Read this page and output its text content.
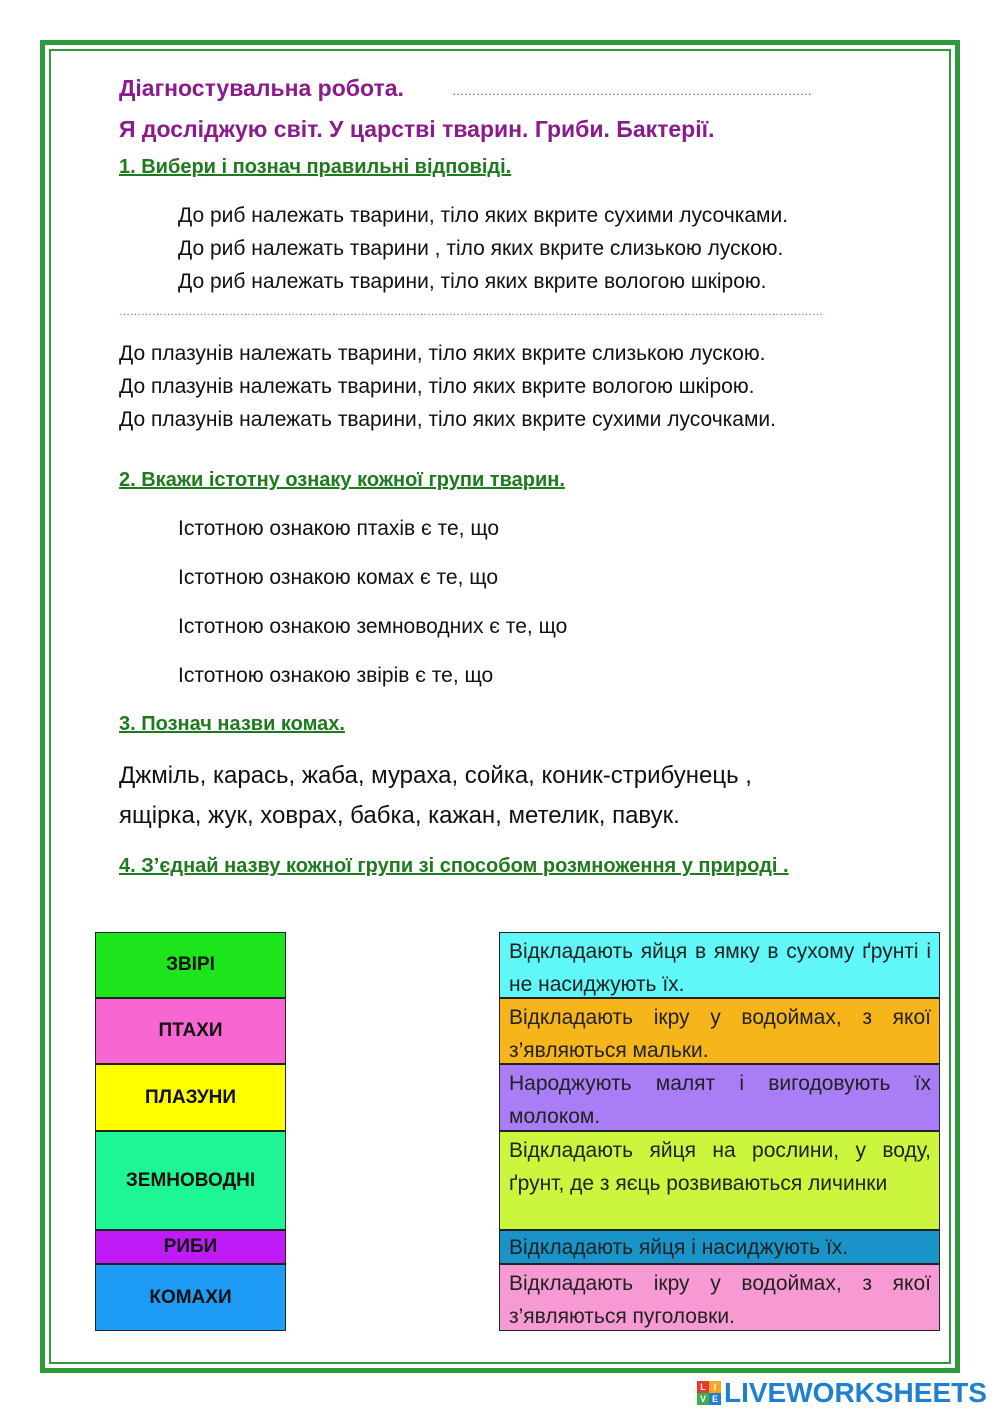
Діагностувальна робота.	………………………………………………………………………………
Я досліджую світ. У царстві тварин. Гриби. Бактерії.
1. Вибери і познач правильні відповіді.
До риб належать тварини, тіло яких вкрите сухими лусочками.
До риб належать тварини , тіло яких вкрите слизькою лускою.
До риб належать тварини, тіло яких вкрите вологою шкірою.
…………………………………………………………………………………………………………………………………………………………………………
До плазунів належать тварини, тіло яких вкрите слизькою лускою.
До плазунів належать тварини, тіло яких вкрите вологою шкірою.
До плазунів належать тварини, тіло яких вкрите сухими лусочками.
2. Вкажи істотну ознаку кожної групи тварин.
Істотною ознакою птахів є те, що
Істотною ознакою комах є те, що
Істотною ознакою земноводних є те, що
Істотною ознакою звірів є те, що
3. Познач назви комах.
Джміль, карась, жаба, мураха, сойка, коник-стрибунець ,
ящірка, жук, ховрах, бабка, кажан, метелик, павук.
4. З’єднай назву кожної групи зі способом розмноження у природі .
ЗВІРІ
ПТАХИ
ПЛАЗУНИ
ЗЕМНОВОДНІ
РИБИ
КОМАХИ
Відкладають яйця в ямку в сухому ґрунті і не насиджують їх.
Відкладають ікру у водоймах, з якої з’являються мальки.
Народжують малят і вигодовують їх молоком.
Відкладають яйця на рослини, у воду, ґрунт, де з яєць розвиваються личинки
Відкладають яйця і насиджують їх.
Відкладають ікру у водоймах, з якої з’являються пуголовки.
L I
V E LIVEWORKSHEETS
